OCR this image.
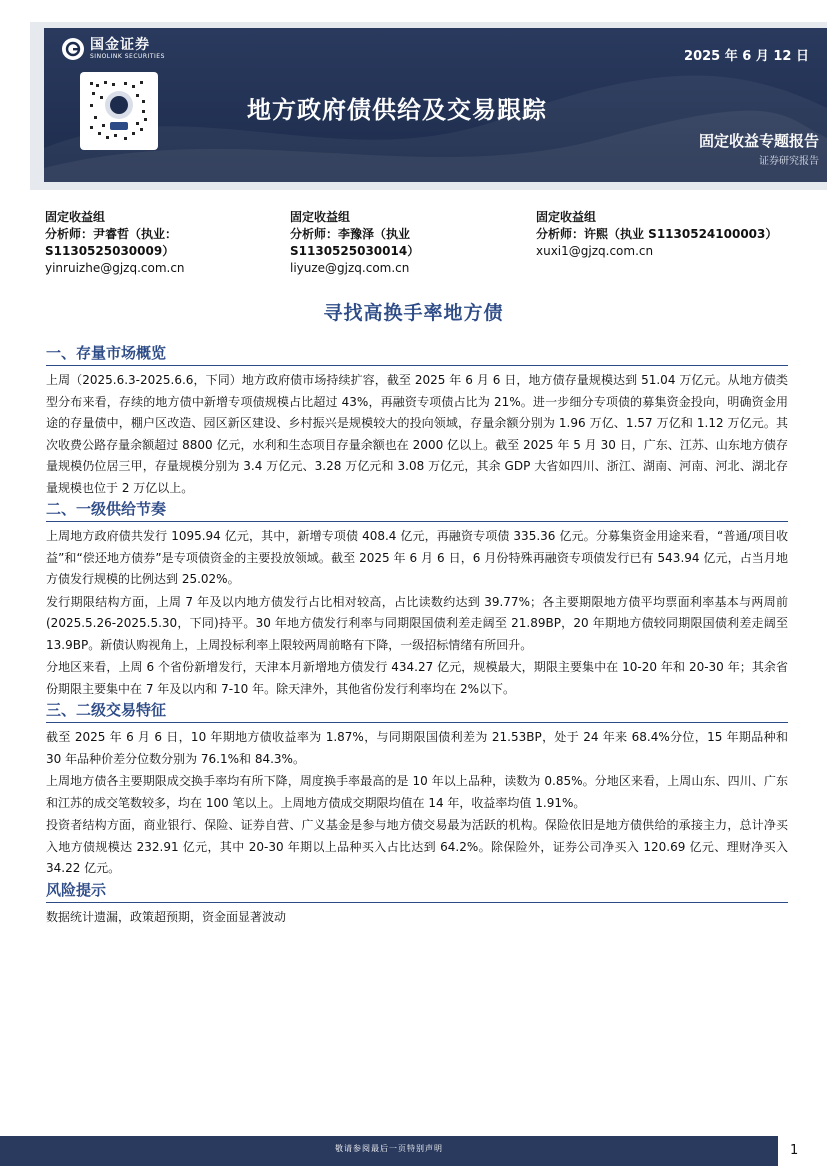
国金证券
SINOLINK SECURITIES	2025 年 6 月 12 日
地方政府债供给及交易跟踪
固定收益专题报告
证券研究报告
固定收益组
分析师：尹睿哲（执业：S1130525030009）
yinruizhe@gjzq.com.cn
固定收益组
分析师：李豫泽（执业 S1130525030014）
liyuze@gjzq.com.cn
固定收益组
分析师：许熙（执业 S1130524100003）
xuxi1@gjzq.com.cn
寻找高换手率地方债
一、存量市场概览

上周（2025.6.3-2025.6.6，下同）地方政府债市场持续扩容，截至 2025 年 6 月 6 日，地方债存量规模达到 51.04 万亿元。从地方债类型分布来看，存续的地方债中新增专项债规模占比超过 43%，再融资专项债占比为 21%。进一步细分专项债的募集资金投向，明确资金用途的存量债中，棚户区改造、园区新区建设、乡村振兴是规模较大的投向领域，存量余额分别为 1.96 万亿、1.57 万亿和 1.12 万亿元。其次收费公路存量余额超过 8800 亿元，水利和生态项目存量余额也在 2000 亿以上。截至 2025 年 5 月 30 日，广东、江苏、山东地方债存量规模仍位居三甲，存量规模分别为 3.4 万亿元、3.28 万亿元和 3.08 万亿元，其余 GDP 大省如四川、浙江、湖南、河南、河北、湖北存量规模也位于 2 万亿以上。

二、一级供给节奏

上周地方政府债共发行 1095.94 亿元，其中，新增专项债 408.4 亿元，再融资专项债 335.36 亿元。分募集资金用途来看，“普通/项目收益”和“偿还地方债券”是专项债资金的主要投放领域。截至 2025 年 6 月 6 日，6 月份特殊再融资专项债发行已有 543.94 亿元，占当月地方债发行规模的比例达到 25.02%。

发行期限结构方面，上周 7 年及以内地方债发行占比相对较高，占比读数约达到 39.77%；各主要期限地方债平均票面利率基本与两周前(2025.5.26-2025.5.30，下同)持平。30 年地方债发行利率与同期限国债利差走阔至 21.89BP，20 年期地方债较同期限国债利差走阔至 13.9BP。新债认购视角上，上周投标利率上限较两周前略有下降，一级招标情绪有所回升。

分地区来看，上周 6 个省份新增发行，天津本月新增地方债发行 434.27 亿元，规模最大，期限主要集中在 10-20 年和 20-30 年；其余省份期限主要集中在 7 年及以内和 7-10 年。除天津外，其他省份发行利率均在 2%以下。

三、二级交易特征

截至 2025 年 6 月 6 日，10 年期地方债收益率为 1.87%，与同期限国债利差为 21.53BP，处于 24 年来 68.4%分位，15 年期品种和 30 年品种价差分位数分别为 76.1%和 84.3%。

上周地方债各主要期限成交换手率均有所下降，周度换手率最高的是 10 年以上品种，读数为 0.85%。分地区来看，上周山东、四川、广东和江苏的成交笔数较多，均在 100 笔以上。上周地方债成交期限均值在 14 年，收益率均值 1.91%。

投资者结构方面，商业银行、保险、证券自营、广义基金是参与地方债交易最为活跃的机构。保险依旧是地方债供给的承接主力，总计净买入地方债规模达 232.91 亿元，其中 20-30 年期以上品种买入占比达到 64.2%。除保险外，证券公司净买入 120.69 亿元、理财净买入 34.22 亿元。

风险提示

数据统计遗漏，政策超预期，资金面显著波动

敬请参阅最后一页特别声明	1
